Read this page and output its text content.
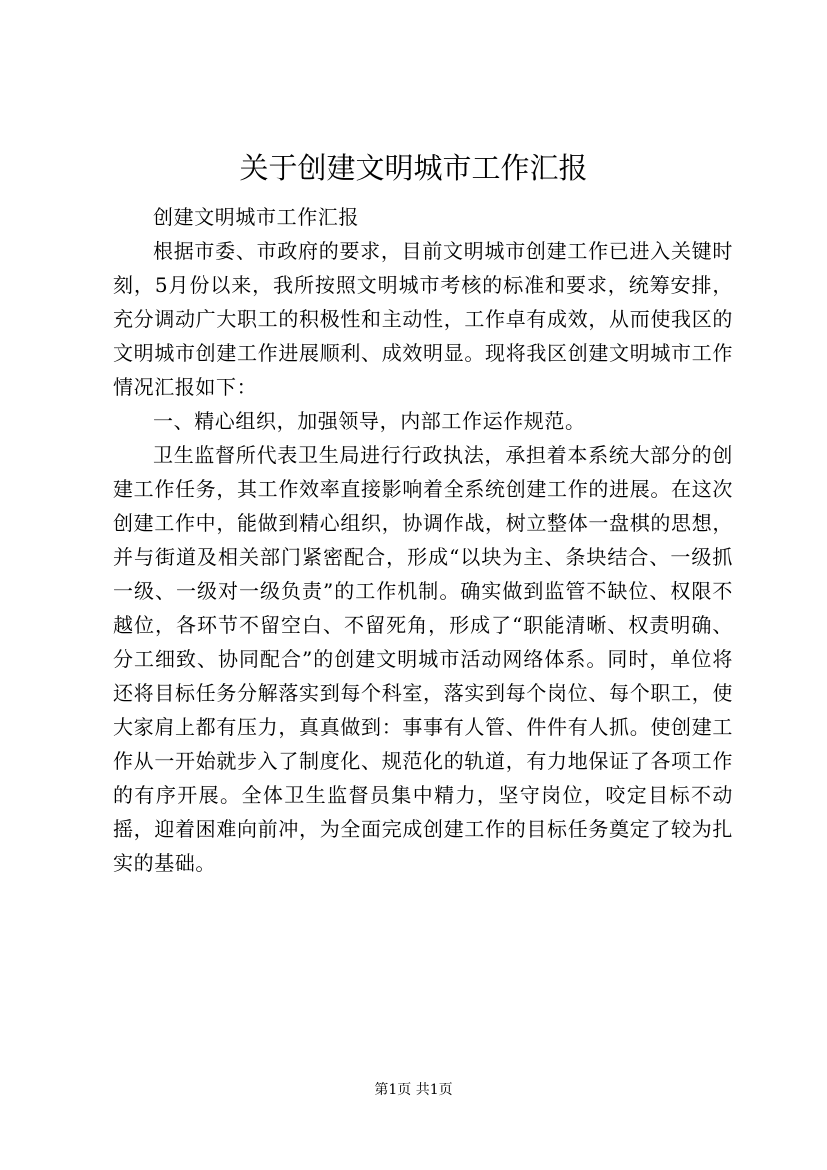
关于创建文明城市工作汇报

创建文明城市工作汇报

根据市委、市政府的要求，目前文明城市创建工作已进入关键时刻，5月份以来，我所按照文明城市考核的标准和要求，统筹安排，充分调动广大职工的积极性和主动性，工作卓有成效，从而使我区的文明城市创建工作进展顺利、成效明显。现将我区创建文明城市工作情况汇报如下：

一、精心组织，加强领导，内部工作运作规范。

卫生监督所代表卫生局进行行政执法，承担着本系统大部分的创建工作任务，其工作效率直接影响着全系统创建工作的进展。在这次创建工作中，能做到精心组织，协调作战，树立整体一盘棋的思想，并与街道及相关部门紧密配合，形成“以块为主、条块结合、一级抓一级、一级对一级负责”的工作机制。确实做到监管不缺位、权限不越位，各环节不留空白、不留死角，形成了“职能清晰、权责明确、分工细致、协同配合”的创建文明城市活动网络体系。同时，单位将还将目标任务分解落实到每个科室，落实到每个岗位、每个职工，使大家肩上都有压力，真真做到：事事有人管、件件有人抓。使创建工作从一开始就步入了制度化、规范化的轨道，有力地保证了各项工作的有序开展。全体卫生监督员集中精力，坚守岗位，咬定目标不动摇，迎着困难向前冲，为全面完成创建工作的目标任务奠定了较为扎实的基础。

第1页 共1页
